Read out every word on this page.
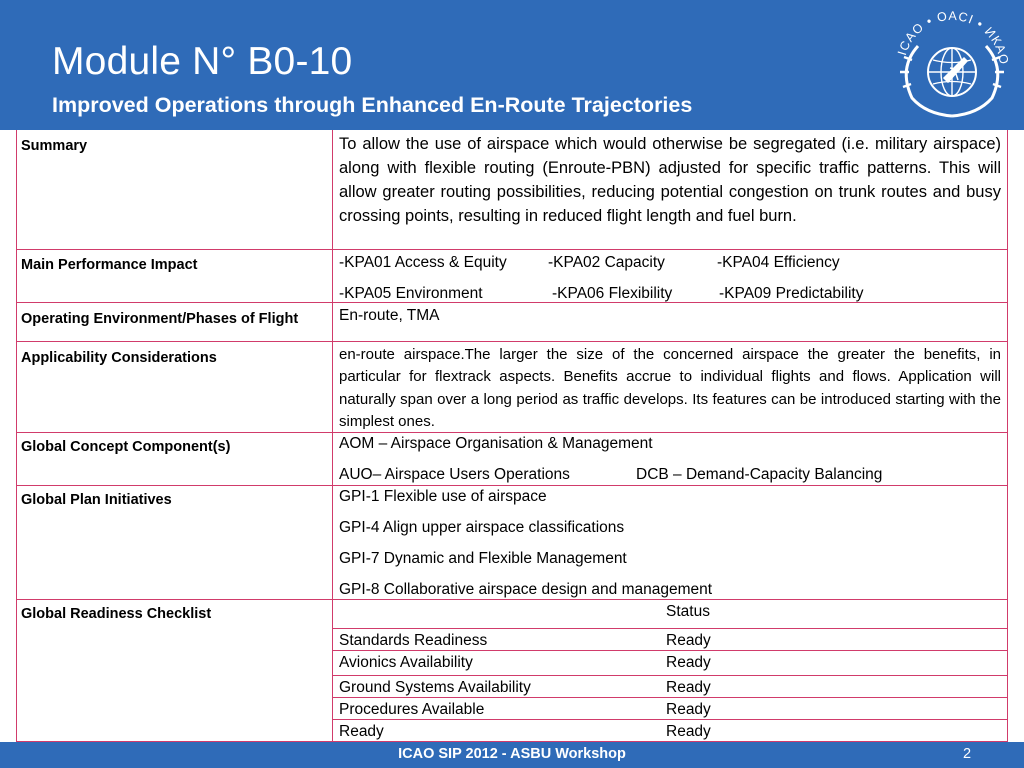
Module N° B0-10
Improved Operations through Enhanced En-Route Trajectories
ICAO • OACI • ИКАО
Summary	To allow the use of airspace which would otherwise be segregated (i.e. military airspace) along with flexible routing (Enroute-PBN) adjusted for specific traffic patterns. This will allow greater routing possibilities, reducing potential congestion on trunk routes and busy crossing points, resulting in reduced flight length and fuel burn.
Main Performance Impact	-KPA01 Access & Equity	-KPA02 Capacity	-KPA04 Efficiency
-KPA05 Environment	-KPA06 Flexibility	-KPA09 Predictability
Operating Environment/Phases of Flight	En-route, TMA
Applicability Considerations	en-route airspace.The larger the size of the concerned airspace the greater the benefits, in particular for flextrack aspects. Benefits accrue to individual flights and flows. Application will naturally span over a long period as traffic develops. Its features can be introduced starting with the simplest ones.
Global Concept Component(s)	AOM – Airspace Organisation & Management
AUO– Airspace Users Operations	DCB – Demand-Capacity Balancing
Global Plan Initiatives	GPI-1 Flexible use of airspace
GPI-4 Align upper airspace classifications
GPI-7 Dynamic and Flexible Management
GPI-8 Collaborative airspace design and management
Global Readiness Checklist	Status
Standards Readiness	Ready
Avionics Availability	Ready
Ground Systems Availability	Ready
Procedures Available	Ready
Ready	Ready
ICAO SIP 2012 - ASBU Workshop	2
